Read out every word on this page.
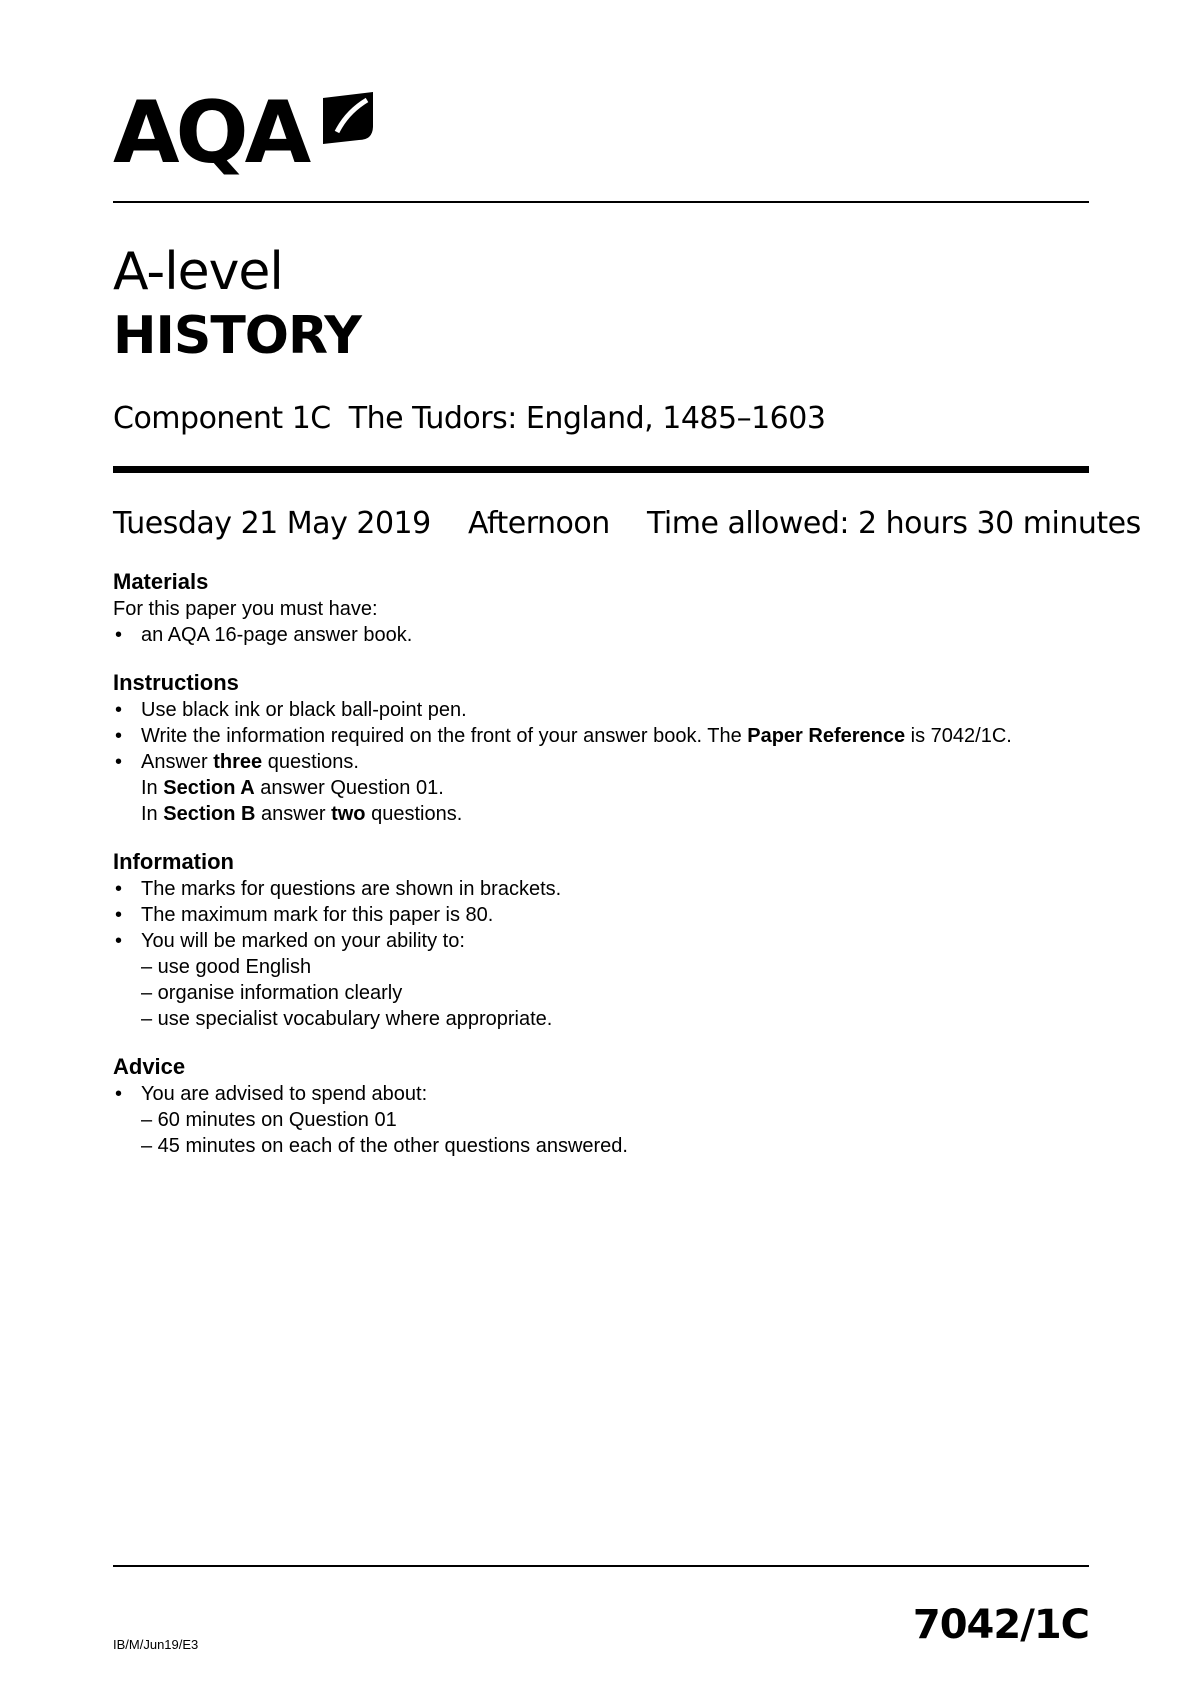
AQA
A-level
HISTORY
Component 1C The Tudors: England, 1485–1603
Tuesday 21 May 2019 Afternoon Time allowed: 2 hours 30 minutes
Materials

For this paper you must have:

• an AQA 16-page answer book.
Instructions
• Use black ink or black ball-point pen.
• Write the information required on the front of your answer book. The Paper Reference is 7042/1C.
• Answer three questions.
In Section A answer Question 01.
In Section B answer two questions.
Information
• The marks for questions are shown in brackets.
• The maximum mark for this paper is 80.
• You will be marked on your ability to:
– use good English
– organise information clearly
– use specialist vocabulary where appropriate.
Advice
• You are advised to spend about:
– 60 minutes on Question 01
– 45 minutes on each of the other questions answered.
IB/M/Jun19/E3	7042/1C
